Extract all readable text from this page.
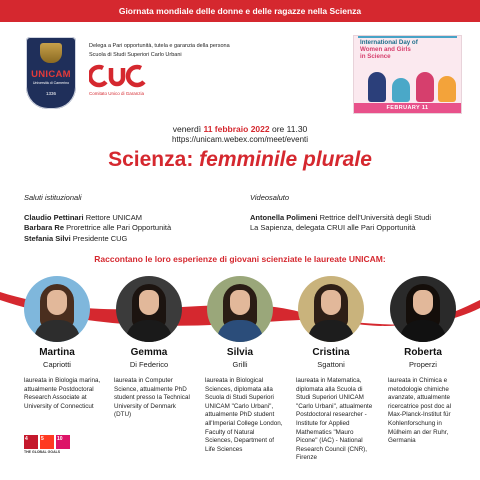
Giornata mondiale delle donne e delle ragazze nella Scienza
UNICAM
Università di Camerino
1336
Delega a Pari opportunità, tutela e garanzia della persona
Scuola di Studi Superiori Carlo Urbani
Comitato Unico di Garanzia
International Day of
Women and Girls
in Science
FEBRUARY 11
venerdì 11 febbraio 2022 ore 11.30
https://unicam.webex.com/meet/eventi
Scienza: femminile plurale
Saluti istituzionali
Claudio Pettinari Rettore UNICAM
Barbara Re Prorettrice alle Pari Opportunità
Stefania Silvi Presidente CUG
Videosaluto
Antonella Polimeni Rettrice dell'Università degli Studi
La Sapienza, delegata CRUI alle Pari Opportunità
Raccontano le loro esperienze di giovani scienziate le laureate UNICAM:
Martina
Capriotti
Gemma
Di Federico
Silvia
Grilli
Cristina
Sgattoni
Roberta
Properzi
laureata in Biologia marina, attualmente Postdoctoral Research Associate at University of Connecticut
laureata in Computer Science, attualmente PhD student presso la Technical University of Denmark (DTU)
laureata in Biological Sciences, diplomata alla Scuola di Studi Superiori UNICAM "Carlo Urbani", attualmente PhD student all'Imperial College London, Faculty of Natural Sciences, Department of Life Sciences
laureata in Matematica, diplomata alla Scuola di Studi Superiori UNICAM "Carlo Urbani", attualmente Postdoctoral researcher - Institute for Applied Mathematics "Mauro Picone" (IAC) - National Research Council (CNR), Firenze
laureata in Chimica e metodologie chimiche avanzate, attualmente ricercatrice post doc al Max-Planck-Institut für Kohlenforschung in Mülheim an der Ruhr, Germania
4	5	10
THE GLOBAL GOALS
